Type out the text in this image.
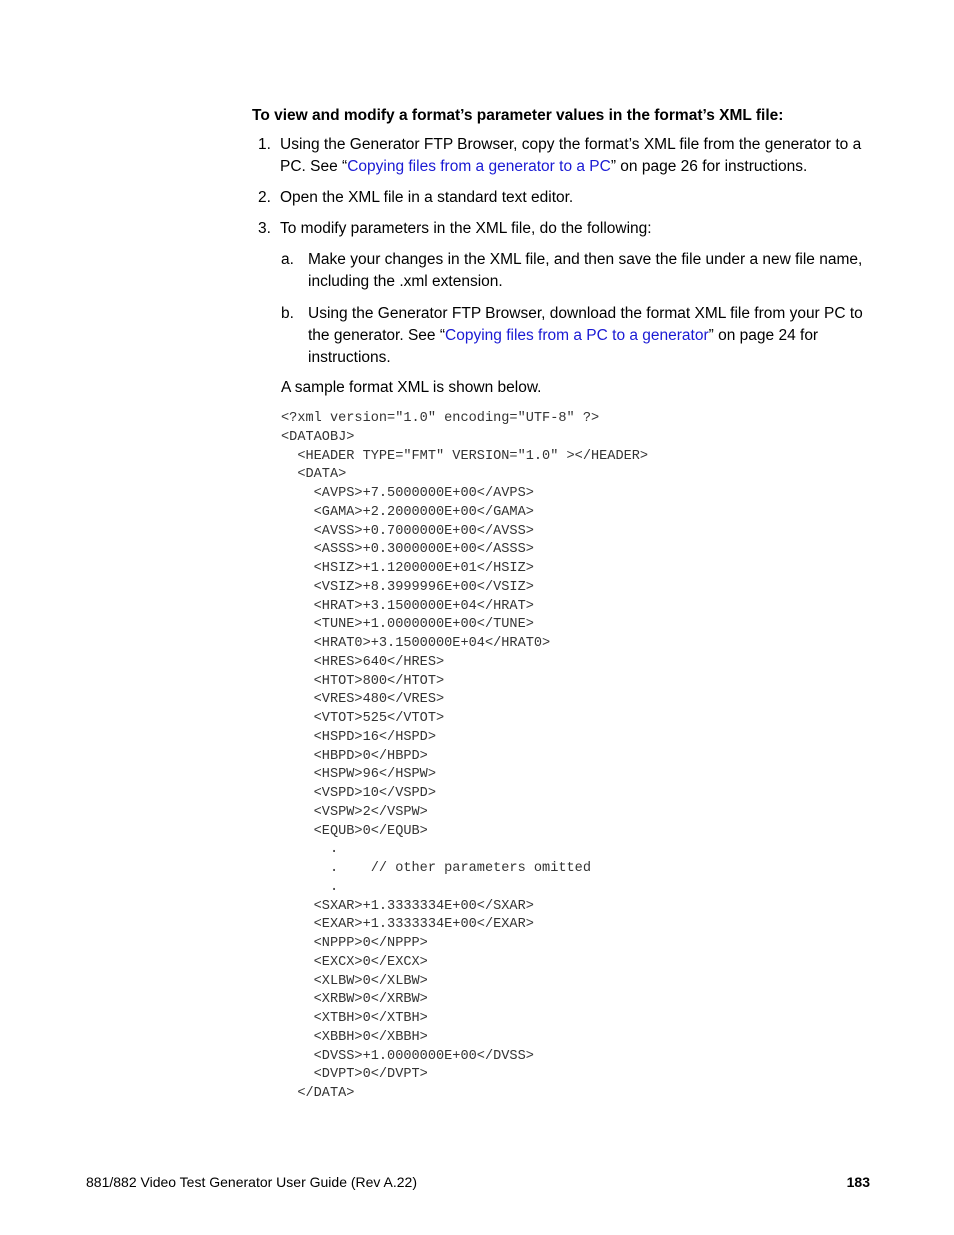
To view and modify a format’s parameter values in the format’s XML file:

1. Using the Generator FTP Browser, copy the format’s XML file from the generator to a PC. See “Copying files from a generator to a PC” on page 26 for instructions.
2. Open the XML file in a standard text editor.
3. To modify parameters in the XML file, do the following:
a. Make your changes in the XML file, and then save the file under a new file name, including the .xml extension.
b. Using the Generator FTP Browser, download the format XML file from your PC to the generator. See “Copying files from a PC to a generator” on page 24 for instructions.
A sample format XML is shown below.
<?xml version="1.0" encoding="UTF-8" ?>
<DATAOBJ>
<HEADER TYPE="FMT" VERSION="1.0" ></HEADER>
<DATA>
<AVPS>+7.5000000E+00</AVPS>
<GAMA>+2.2000000E+00</GAMA>
<AVSS>+0.7000000E+00</AVSS>
<ASSS>+0.3000000E+00</ASSS>
<HSIZ>+1.1200000E+01</HSIZ>
<VSIZ>+8.3999996E+00</VSIZ>
<HRAT>+3.1500000E+04</HRAT>
<TUNE>+1.0000000E+00</TUNE>
<HRAT0>+3.1500000E+04</HRAT0>
<HRES>640</HRES>
<HTOT>800</HTOT>
<VRES>480</VRES>
<VTOT>525</VTOT>
<HSPD>16</HSPD>
<HBPD>0</HBPD>
<HSPW>96</HSPW>
<VSPD>10</VSPD>
<VSPW>2</VSPW>
<EQUB>0</EQUB>
.
.    // other parameters omitted
.
<SXAR>+1.3333334E+00</SXAR>
<EXAR>+1.3333334E+00</EXAR>
<NPPP>0</NPPP>
<EXCX>0</EXCX>
<XLBW>0</XLBW>
<XRBW>0</XRBW>
<XTBH>0</XTBH>
<XBBH>0</XBBH>
<DVSS>+1.0000000E+00</DVSS>
<DVPT>0</DVPT>
</DATA>
881/882 Video Test Generator User Guide (Rev A.22)	183
